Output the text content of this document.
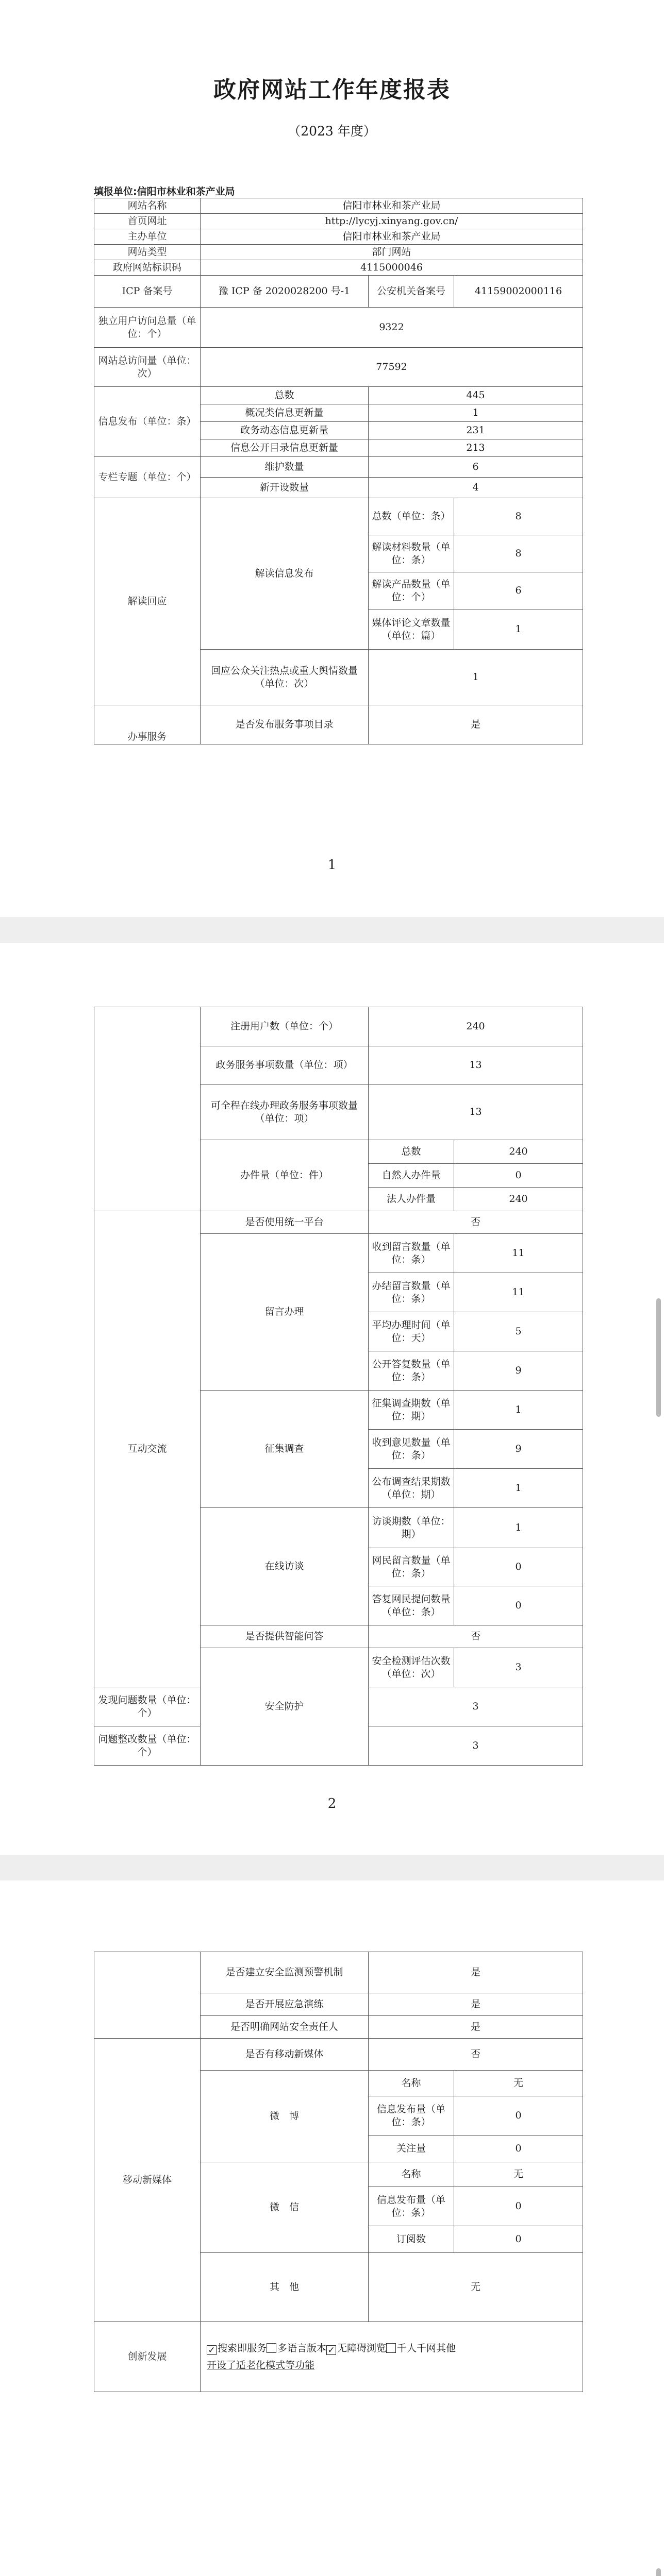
政府网站工作年度报表
（2023 年度）
填报单位:信阳市林业和茶产业局
网站名称	信阳市林业和茶产业局		
首页网址	http://lycyj.xinyang.gov.cn/		
主办单位	信阳市林业和茶产业局		
网站类型	部门网站		
政府网站标识码	4115000046		
ICP 备案号	豫 ICP 备 2020028200 号-1	公安机关备案号	41159002000116
独立用户访问总量（单位：个）	9322		
网站总访问量（单位：次）	77592		
信息发布（单位：条）	总数	445	
	概况类信息更新量	1	
	政务动态信息更新量	231	
	信息公开目录信息更新量	213	
专栏专题（单位：个）	维护数量	6	
	新开设数量	4	
解读回应	解读信息发布	总数（单位：条）	8
		解读材料数量（单位：条）	8
		解读产品数量（单位：个）	6
		媒体评论文章数量（单位：篇）	1
	回应公众关注热点或重大舆情数量（单位：次）	1	
办事服务	是否发布服务事项目录	是	
1
	注册用户数（单位：个）	240	
	政务服务事项数量（单位：项）	13	
	可全程在线办理政务服务事项数量（单位：项）	13	
	办件量（单位：件）	总数	240
		自然人办件量	0
		法人办件量	240
互动交流	是否使用统一平台	否	
	留言办理	收到留言数量（单位：条）	11
		办结留言数量（单位：条）	11
		平均办理时间（单位：天）	5
		公开答复数量（单位：条）	9
	征集调查	征集调查期数（单位：期）	1
		收到意见数量（单位：条）	9
		公布调查结果期数（单位：期）	1
	在线访谈	访谈期数（单位：期）	1
		网民留言数量（单位：条）	0
		答复网民提问数量（单位：条）	0
	是否提供智能问答	否	
	安全防护	安全检测评估次数（单位：次）	3
发现问题数量（单位：个）		3	
问题整改数量（单位：个）		3	
2
	是否建立安全监测预警机制	是	
	是否开展应急演练	是	
	是否明确网站安全责任人	是	
移动新媒体	是否有移动新媒体	否	
	微　博	名称	无
		信息发布量（单位：条）	0
		关注量	0
	微　信	名称	无
		信息发布量（单位：条）	0
		订阅数	0
	其　他	无	
创新发展	✓ 搜索即服务 多语言版本 ✓ 无障碍浏览 千人千网其他
开设了适老化模式等功能		
